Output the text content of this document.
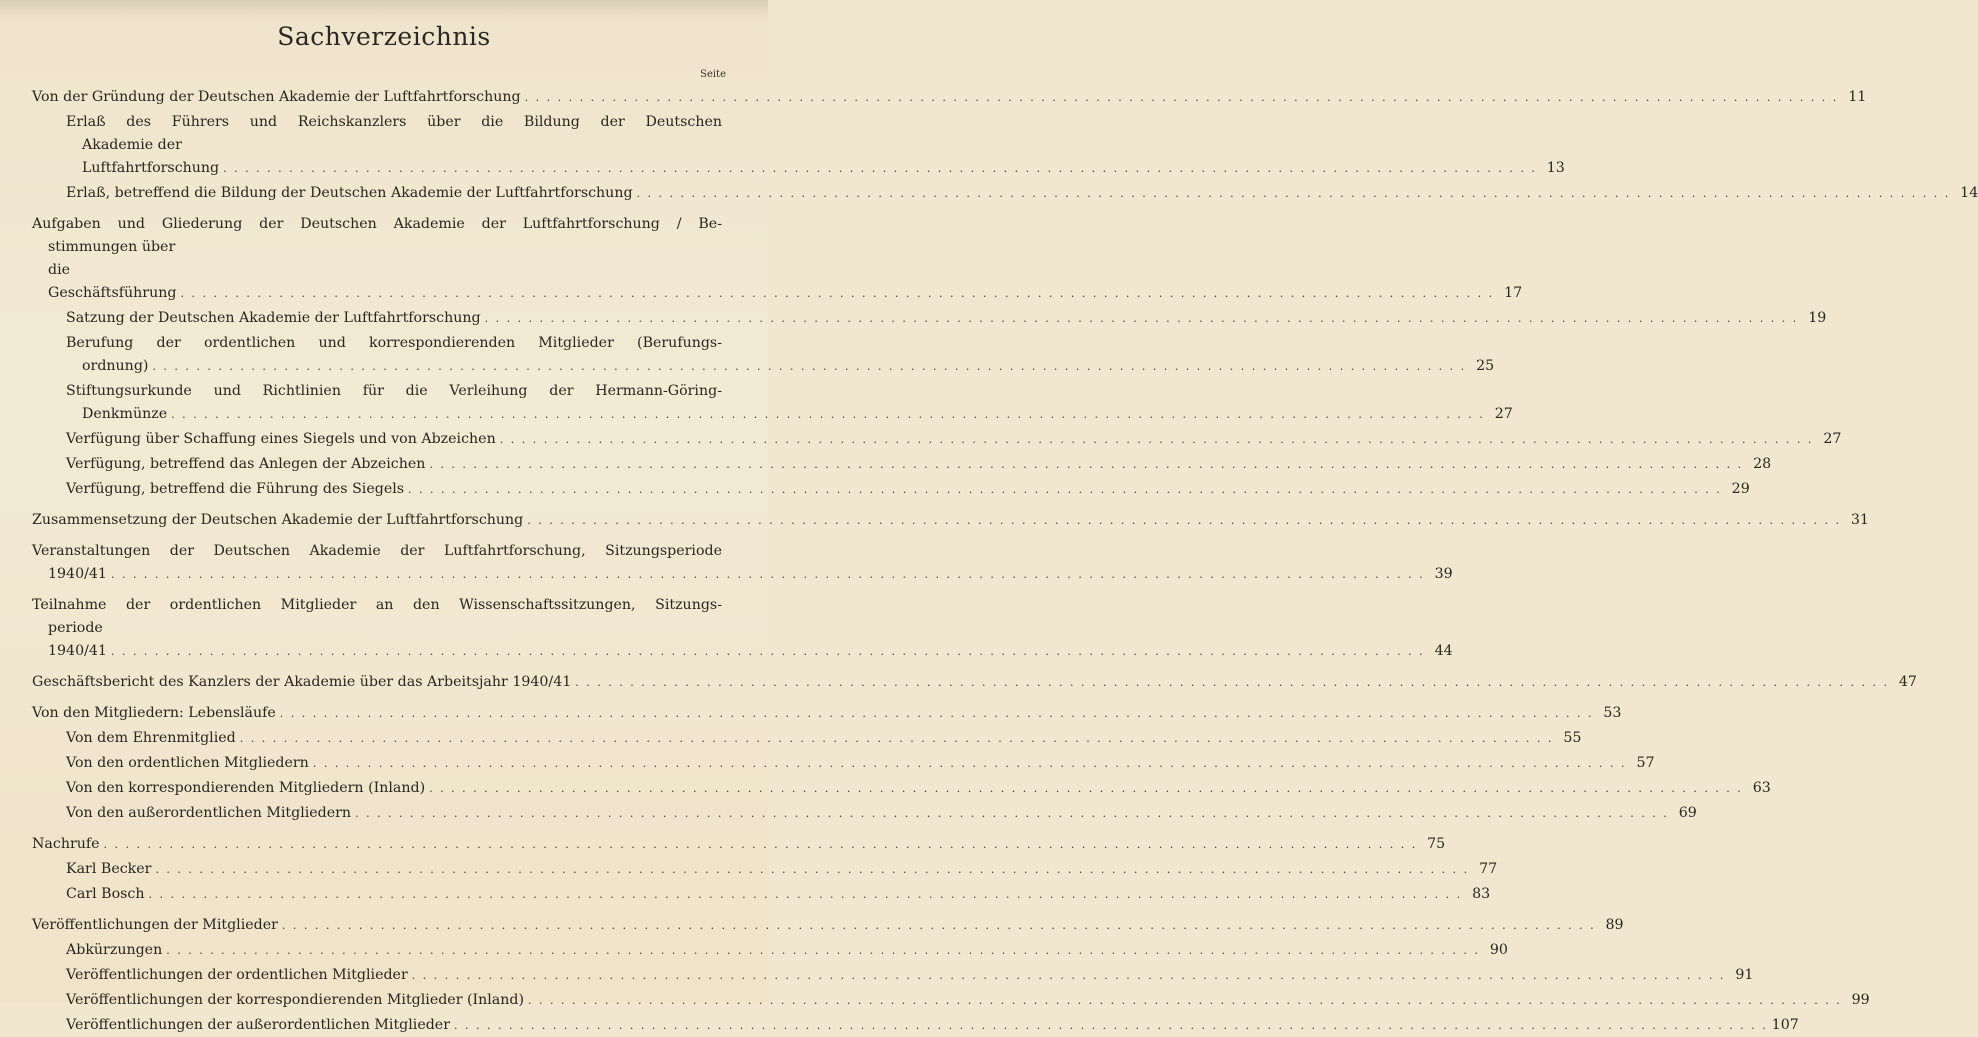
Sachverzeichnis
Seite
Von der Gründung der Deutschen Akademie der Luftfahrtforschung . . . . . . . . . . . . . . . . . . . . . . . . . . . . . . . . . . . . . . . . . . . . . . . . . . . . . . . . . . . . . . . . . . . . . . . . . . . . . . . . . . . . . . . . . . . . . . . . . . . . . . . . . . . . . . . . . . . . . . . . 11
Erlaß des Führers und Reichskanzlers über die Bildung der Deutschen
Akademie der Luftfahrtforschung . . . . . . . . . . . . . . . . . . . . . . . . . . . . . . . . . . . . . . . . . . . . . . . . . . . . . . . . . . . . . . . . . . . . . . . . . . . . . . . . . . . . . . . . . . . . . . . . . . . . . . . . . . . . . . . . . . . . . . . . 13
Erlaß, betreffend die Bildung der Deutschen Akademie der Luftfahrtforschung . . . . . . . . . . . . . . . . . . . . . . . . . . . . . . . . . . . . . . . . . . . . . . . . . . . . . . . . . . . . . . . . . . . . . . . . . . . . . . . . . . . . . . . . . . . . . . . . . . . . . . . . . . . . . . . . . . . . . . . . 14
Aufgaben und Gliederung der Deutschen Akademie der Luftfahrtforschung / Be-
stimmungen über die Geschäftsführung . . . . . . . . . . . . . . . . . . . . . . . . . . . . . . . . . . . . . . . . . . . . . . . . . . . . . . . . . . . . . . . . . . . . . . . . . . . . . . . . . . . . . . . . . . . . . . . . . . . . . . . . . . . . . . . . . . . . . . . . 17
Satzung der Deutschen Akademie der Luftfahrtforschung . . . . . . . . . . . . . . . . . . . . . . . . . . . . . . . . . . . . . . . . . . . . . . . . . . . . . . . . . . . . . . . . . . . . . . . . . . . . . . . . . . . . . . . . . . . . . . . . . . . . . . . . . . . . . . . . . . . . . . . . 19
Berufung der ordentlichen und korrespondierenden Mitglieder (Berufungs-
ordnung) . . . . . . . . . . . . . . . . . . . . . . . . . . . . . . . . . . . . . . . . . . . . . . . . . . . . . . . . . . . . . . . . . . . . . . . . . . . . . . . . . . . . . . . . . . . . . . . . . . . . . . . . . . . . . . . . . . . . . . . . 25
Stiftungsurkunde und Richtlinien für die Verleihung der Hermann-Göring-
Denkmünze . . . . . . . . . . . . . . . . . . . . . . . . . . . . . . . . . . . . . . . . . . . . . . . . . . . . . . . . . . . . . . . . . . . . . . . . . . . . . . . . . . . . . . . . . . . . . . . . . . . . . . . . . . . . . . . . . . . . . . . . 27
Verfügung über Schaffung eines Siegels und von Abzeichen . . . . . . . . . . . . . . . . . . . . . . . . . . . . . . . . . . . . . . . . . . . . . . . . . . . . . . . . . . . . . . . . . . . . . . . . . . . . . . . . . . . . . . . . . . . . . . . . . . . . . . . . . . . . . . . . . . . . . . . . 27
Verfügung, betreffend das Anlegen der Abzeichen . . . . . . . . . . . . . . . . . . . . . . . . . . . . . . . . . . . . . . . . . . . . . . . . . . . . . . . . . . . . . . . . . . . . . . . . . . . . . . . . . . . . . . . . . . . . . . . . . . . . . . . . . . . . . . . . . . . . . . . . 28
Verfügung, betreffend die Führung des Siegels . . . . . . . . . . . . . . . . . . . . . . . . . . . . . . . . . . . . . . . . . . . . . . . . . . . . . . . . . . . . . . . . . . . . . . . . . . . . . . . . . . . . . . . . . . . . . . . . . . . . . . . . . . . . . . . . . . . . . . . . 29
Zusammensetzung der Deutschen Akademie der Luftfahrtforschung . . . . . . . . . . . . . . . . . . . . . . . . . . . . . . . . . . . . . . . . . . . . . . . . . . . . . . . . . . . . . . . . . . . . . . . . . . . . . . . . . . . . . . . . . . . . . . . . . . . . . . . . . . . . . . . . . . . . . . . . 31
Veranstaltungen der Deutschen Akademie der Luftfahrtforschung, Sitzungsperiode
1940/41 . . . . . . . . . . . . . . . . . . . . . . . . . . . . . . . . . . . . . . . . . . . . . . . . . . . . . . . . . . . . . . . . . . . . . . . . . . . . . . . . . . . . . . . . . . . . . . . . . . . . . . . . . . . . . . . . . . . . . . . . 39
Teilnahme der ordentlichen Mitglieder an den Wissenschaftssitzungen, Sitzungs-
periode 1940/41 . . . . . . . . . . . . . . . . . . . . . . . . . . . . . . . . . . . . . . . . . . . . . . . . . . . . . . . . . . . . . . . . . . . . . . . . . . . . . . . . . . . . . . . . . . . . . . . . . . . . . . . . . . . . . . . . . . . . . . . . 44
Geschäftsbericht des Kanzlers der Akademie über das Arbeitsjahr 1940/41 . . . . . . . . . . . . . . . . . . . . . . . . . . . . . . . . . . . . . . . . . . . . . . . . . . . . . . . . . . . . . . . . . . . . . . . . . . . . . . . . . . . . . . . . . . . . . . . . . . . . . . . . . . . . . . . . . . . . . . . . 47
Von den Mitgliedern: Lebensläufe . . . . . . . . . . . . . . . . . . . . . . . . . . . . . . . . . . . . . . . . . . . . . . . . . . . . . . . . . . . . . . . . . . . . . . . . . . . . . . . . . . . . . . . . . . . . . . . . . . . . . . . . . . . . . . . . . . . . . . . . 53
Von dem Ehrenmitglied . . . . . . . . . . . . . . . . . . . . . . . . . . . . . . . . . . . . . . . . . . . . . . . . . . . . . . . . . . . . . . . . . . . . . . . . . . . . . . . . . . . . . . . . . . . . . . . . . . . . . . . . . . . . . . . . . . . . . . . . 55
Von den ordentlichen Mitgliedern . . . . . . . . . . . . . . . . . . . . . . . . . . . . . . . . . . . . . . . . . . . . . . . . . . . . . . . . . . . . . . . . . . . . . . . . . . . . . . . . . . . . . . . . . . . . . . . . . . . . . . . . . . . . . . . . . . . . . . . . 57
Von den korrespondierenden Mitgliedern (Inland) . . . . . . . . . . . . . . . . . . . . . . . . . . . . . . . . . . . . . . . . . . . . . . . . . . . . . . . . . . . . . . . . . . . . . . . . . . . . . . . . . . . . . . . . . . . . . . . . . . . . . . . . . . . . . . . . . . . . . . . . 63
Von den außerordentlichen Mitgliedern . . . . . . . . . . . . . . . . . . . . . . . . . . . . . . . . . . . . . . . . . . . . . . . . . . . . . . . . . . . . . . . . . . . . . . . . . . . . . . . . . . . . . . . . . . . . . . . . . . . . . . . . . . . . . . . . . . . . . . . . 69
Nachrufe . . . . . . . . . . . . . . . . . . . . . . . . . . . . . . . . . . . . . . . . . . . . . . . . . . . . . . . . . . . . . . . . . . . . . . . . . . . . . . . . . . . . . . . . . . . . . . . . . . . . . . . . . . . . . . . . . . . . . . . . 75
Karl Becker . . . . . . . . . . . . . . . . . . . . . . . . . . . . . . . . . . . . . . . . . . . . . . . . . . . . . . . . . . . . . . . . . . . . . . . . . . . . . . . . . . . . . . . . . . . . . . . . . . . . . . . . . . . . . . . . . . . . . . . . 77
Carl Bosch . . . . . . . . . . . . . . . . . . . . . . . . . . . . . . . . . . . . . . . . . . . . . . . . . . . . . . . . . . . . . . . . . . . . . . . . . . . . . . . . . . . . . . . . . . . . . . . . . . . . . . . . . . . . . . . . . . . . . . . . 83
Veröffentlichungen der Mitglieder . . . . . . . . . . . . . . . . . . . . . . . . . . . . . . . . . . . . . . . . . . . . . . . . . . . . . . . . . . . . . . . . . . . . . . . . . . . . . . . . . . . . . . . . . . . . . . . . . . . . . . . . . . . . . . . . . . . . . . . . 89
Abkürzungen . . . . . . . . . . . . . . . . . . . . . . . . . . . . . . . . . . . . . . . . . . . . . . . . . . . . . . . . . . . . . . . . . . . . . . . . . . . . . . . . . . . . . . . . . . . . . . . . . . . . . . . . . . . . . . . . . . . . . . . . 90
Veröffentlichungen der ordentlichen Mitglieder . . . . . . . . . . . . . . . . . . . . . . . . . . . . . . . . . . . . . . . . . . . . . . . . . . . . . . . . . . . . . . . . . . . . . . . . . . . . . . . . . . . . . . . . . . . . . . . . . . . . . . . . . . . . . . . . . . . . . . . . 91
Veröffentlichungen der korrespondierenden Mitglieder (Inland) . . . . . . . . . . . . . . . . . . . . . . . . . . . . . . . . . . . . . . . . . . . . . . . . . . . . . . . . . . . . . . . . . . . . . . . . . . . . . . . . . . . . . . . . . . . . . . . . . . . . . . . . . . . . . . . . . . . . . . . . 99
Veröffentlichungen der außerordentlichen Mitglieder . . . . . . . . . . . . . . . . . . . . . . . . . . . . . . . . . . . . . . . . . . . . . . . . . . . . . . . . . . . . . . . . . . . . . . . . . . . . . . . . . . . . . . . . . . . . . . . . . . . . . . . . . . . . . . . . . . . . . . . . 107
